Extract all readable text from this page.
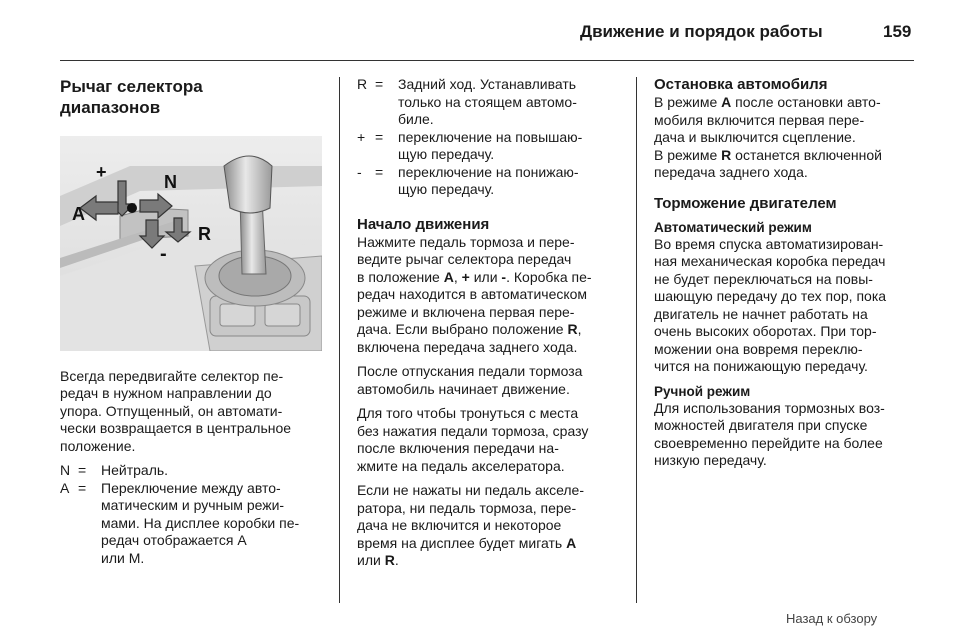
Движение и порядок работы	159
Рычаг селектора
диапазонов
+	N
A
-
R

Всегда передвигайте селектор пе-
редач в нужном направлении до
упора. Отпущенный, он автомати-
чески возвращается в центральное
положение.

N =	Нейтраль.
A =	Переключение между авто-
матическим и ручным режи-
мами. На дисплее коробки пе-
редач отображается A
или M.
R =	Задний ход. Устанавливать
только на стоящем автомо-
биле.
+ =	переключение на повышаю-
щую передачу.
- =	переключение на понижаю-
щую передачу.
Начало движения

Нажмите педаль тормоза и пере-
ведите рычаг селектора передач
в положение A, + или -. Коробка пе-
редач находится в автоматическом
режиме и включена первая пере-
дача. Если выбрано положение R,
включена передача заднего хода.

После отпускания педали тормоза
автомобиль начинает движение.

Для того чтобы тронуться с места
без нажатия педали тормоза, сразу
после включения передачи на-
жмите на педаль акселератора.

Если не нажаты ни педаль акселе-
ратора, ни педаль тормоза, пере-
дача не включится и некоторое
время на дисплее будет мигать A
или R.

Остановка автомобиля

В режиме A после остановки авто-
мобиля включится первая пере-
дача и выключится сцепление.
В режиме R останется включенной
передача заднего хода.

Торможение двигателем
Автоматический режим

Во время спуска автоматизирован-
ная механическая коробка передач
не будет переключаться на повы-
шающую передачу до тех пор, пока
двигатель не начнет работать на
очень высоких оборотах. При тор-
можении она вовремя переклю-
чится на понижающую передачу.

Ручной режим

Для использования тормозных воз-
можностей двигателя при спуске
своевременно перейдите на более
низкую передачу.

Назад к обзору
